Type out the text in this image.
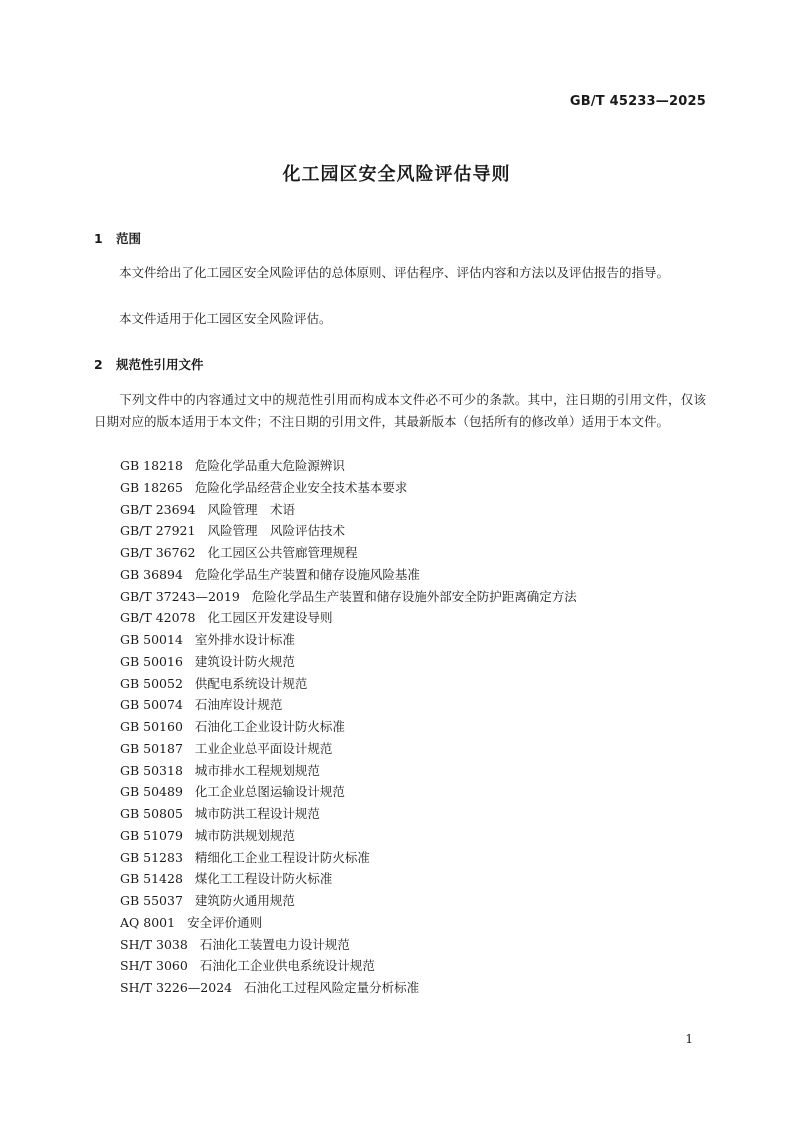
GB/T 45233—2025
化工园区安全风险评估导则
1 范围
本文件给出了化工园区安全风险评估的总体原则、评估程序、评估内容和方法以及评估报告的指导。
本文件适用于化工园区安全风险评估。
2 规范性引用文件
下列文件中的内容通过文中的规范性引用而构成本文件必不可少的条款。其中，注日期的引用文件，仅该日期对应的版本适用于本文件；不注日期的引用文件，其最新版本（包括所有的修改单）适用于本文件。
GB 18218 危险化学品重大危险源辨识
GB 18265 危险化学品经营企业安全技术基本要求
GB/T 23694 风险管理　术语
GB/T 27921 风险管理　风险评估技术
GB/T 36762 化工园区公共管廊管理规程
GB 36894 危险化学品生产装置和储存设施风险基准
GB/T 37243—2019 危险化学品生产装置和储存设施外部安全防护距离确定方法
GB/T 42078 化工园区开发建设导则
GB 50014 室外排水设计标准
GB 50016 建筑设计防火规范
GB 50052 供配电系统设计规范
GB 50074 石油库设计规范
GB 50160 石油化工企业设计防火标准
GB 50187 工业企业总平面设计规范
GB 50318 城市排水工程规划规范
GB 50489 化工企业总图运输设计规范
GB 50805 城市防洪工程设计规范
GB 51079 城市防洪规划规范
GB 51283 精细化工企业工程设计防火标准
GB 51428 煤化工工程设计防火标准
GB 55037 建筑防火通用规范
AQ 8001 安全评价通则
SH/T 3038 石油化工装置电力设计规范
SH/T 3060 石油化工企业供电系统设计规范
SH/T 3226—2024 石油化工过程风险定量分析标准
1
